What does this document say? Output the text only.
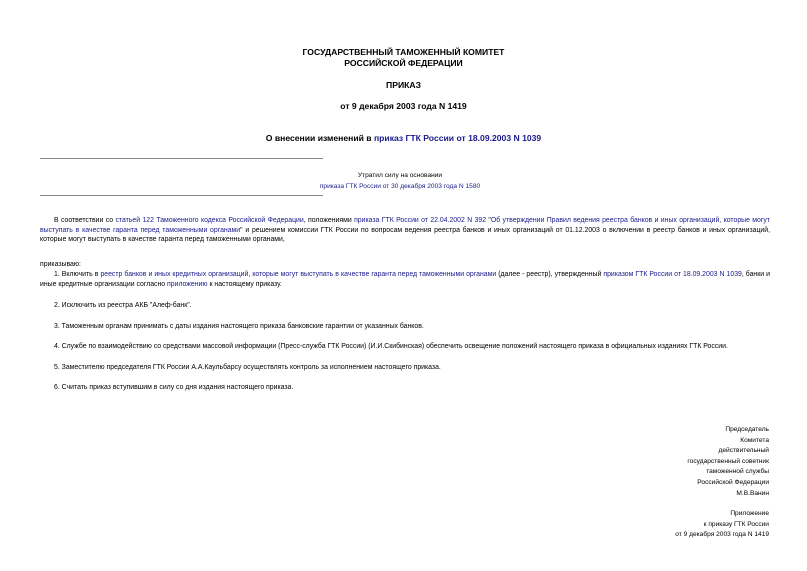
ГОСУДАРСТВЕННЫЙ ТАМОЖЕННЫЙ КОМИТЕТ
РОССИЙСКОЙ ФЕДЕРАЦИИ
ПРИКАЗ
от 9 декабря 2003 года N 1419
О внесении изменений в приказ ГТК России от 18.09.2003 N 1039
Утратил силу на основании
приказа ГТК России от 30 декабря 2003 года N 1580
В соответствии со статьей 122 Таможенного кодекса Российской Федерации, положениями приказа ГТК России от 22.04.2002 N 392 "Об утверждении Правил ведения реестра банков и иных организаций, которые могут выступать в качестве гаранта перед таможенными органами" и решением комиссии ГТК России по вопросам ведения реестра банков и иных организаций от 01.12.2003 о включении в реестр банков и иных организаций, которые могут выступать в качестве гаранта перед таможенными органами,
приказываю:
1. Включить в реестр банков и иных кредитных организаций, которые могут выступать в качестве гаранта перед таможенными органами (далее - реестр), утвержденный приказом ГТК России от 18.09.2003 N 1039, банки и иные кредитные организации согласно приложению к настоящему приказу.
2. Исключить из реестра АКБ "Алеф-банк".
3. Таможенным органам принимать с даты издания настоящего приказа банковские гарантии от указанных банков.
4. Службе по взаимодействию со средствами массовой информации (Пресс-служба ГТК России) (И.И.Скибинская) обеспечить освещение положений настоящего приказа в официальных изданиях ГТК России.
5. Заместителю председателя ГТК России А.А.Каульбарсу осуществлять контроль за исполнением настоящего приказа.
6. Считать приказ вступившим в силу со дня издания настоящего приказа.
Председатель
Комитета
действительный
государственный советник
таможенной службы
Российской Федерации
М.В.Ванин
Приложение
к приказу ГТК России
от 9 декабря 2003 года N 1419
